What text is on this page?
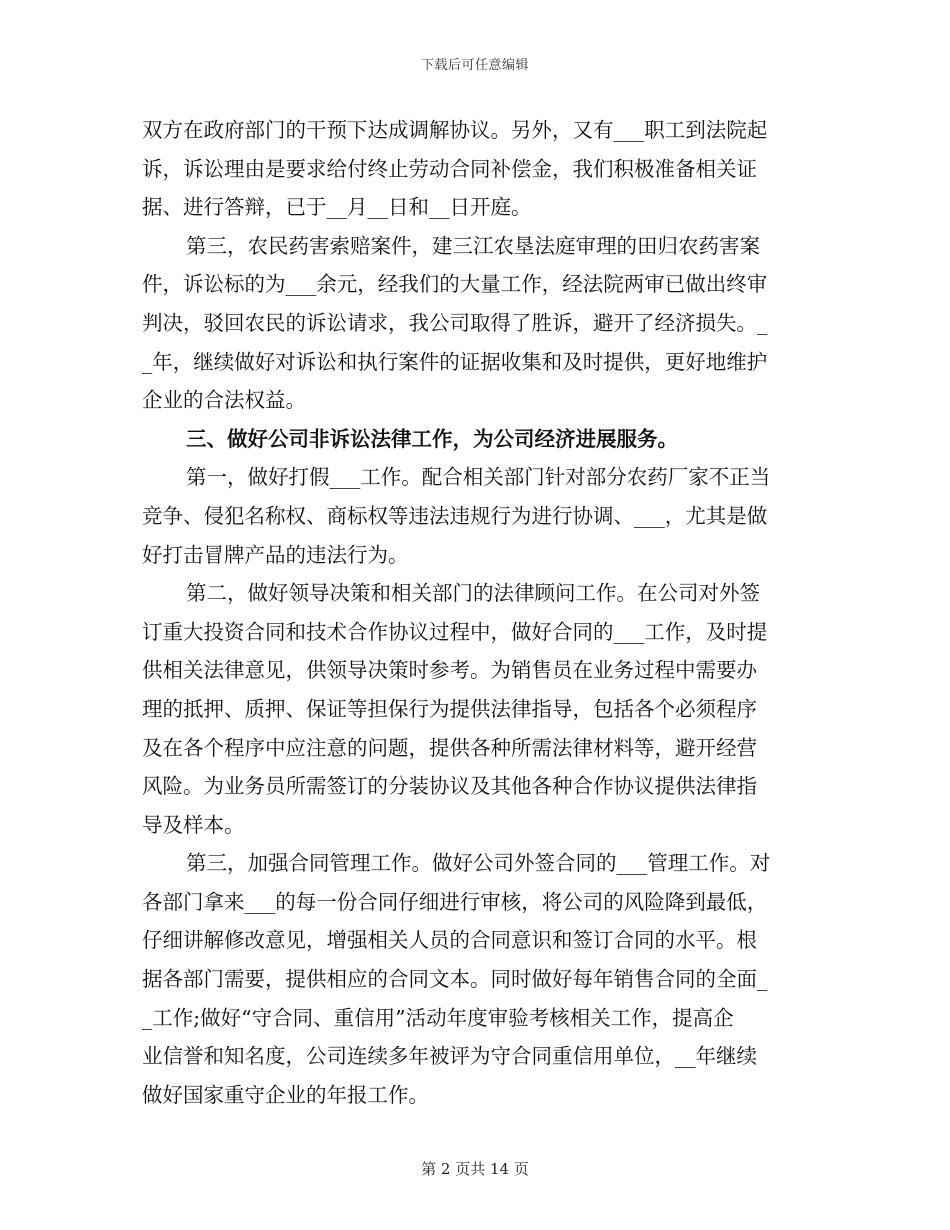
下载后可任意编辑
双方在政府部门的干预下达成调解协议。另外，又有___职工到法院起
诉，诉讼理由是要求给付终止劳动合同补偿金，我们积极准备相关证
据、进行答辩，已于__月__日和__日开庭。
第三，农民药害索赔案件，建三江农垦法庭审理的田归农药害案
件，诉讼标的为___余元，经我们的大量工作，经法院两审已做出终审
判决，驳回农民的诉讼请求，我公司取得了胜诉，避开了经济损失。_
_年，继续做好对诉讼和执行案件的证据收集和及时提供，更好地维护
企业的合法权益。
三、做好公司非诉讼法律工作，为公司经济进展服务。
第一，做好打假___工作。配合相关部门针对部分农药厂家不正当
竞争、侵犯名称权、商标权等违法违规行为进行协调、___，尤其是做
好打击冒牌产品的违法行为。
第二，做好领导决策和相关部门的法律顾问工作。在公司对外签
订重大投资合同和技术合作协议过程中，做好合同的___工作，及时提
供相关法律意见，供领导决策时参考。为销售员在业务过程中需要办
理的抵押、质押、保证等担保行为提供法律指导，包括各个必须程序
及在各个程序中应注意的问题，提供各种所需法律材料等，避开经营
风险。为业务员所需签订的分装协议及其他各种合作协议提供法律指
导及样本。
第三，加强合同管理工作。做好公司外签合同的___管理工作。对
各部门拿来___的每一份合同仔细进行审核，将公司的风险降到最低，
仔细讲解修改意见，增强相关人员的合同意识和签订合同的水平。根
据各部门需要，提供相应的合同文本。同时做好每年销售合同的全面_
_工作;做好“守合同、重信用”活动年度审验考核相关工作，提高企
业信誉和知名度，公司连续多年被评为守合同重信用单位，__年继续
做好国家重守企业的年报工作。
第 2 页共 14 页
